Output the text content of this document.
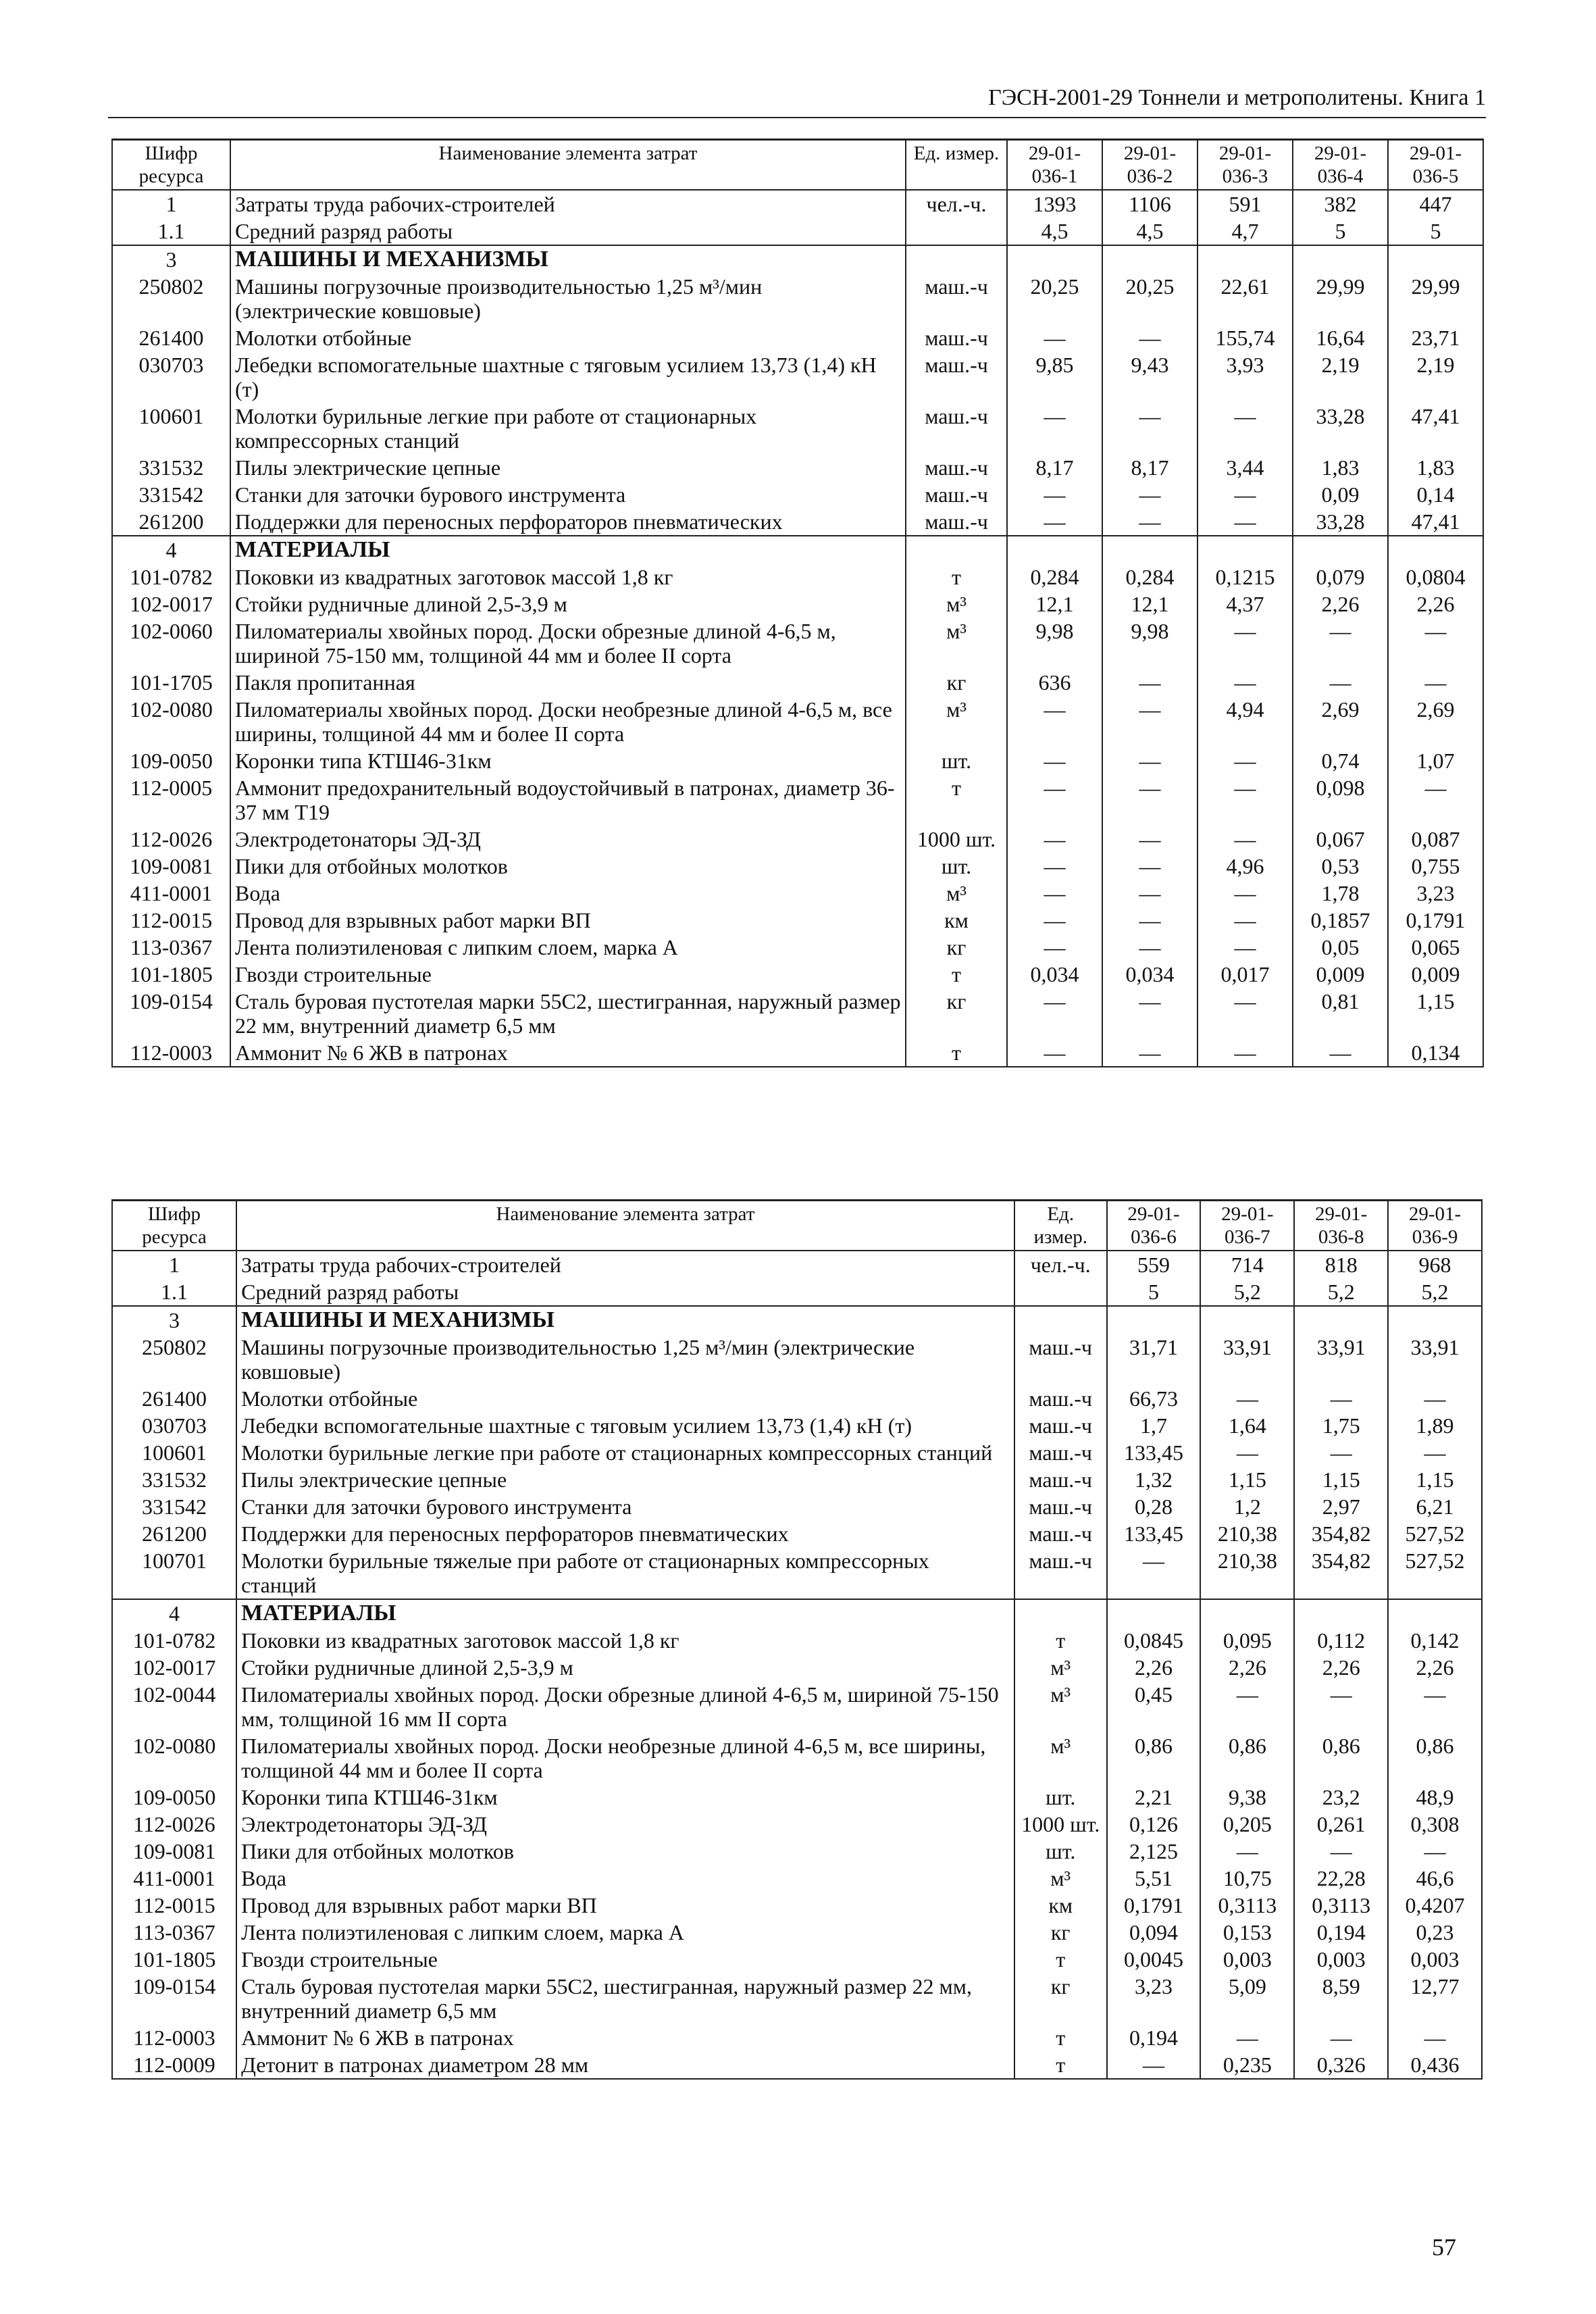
ГЭСН-2001-29 Тоннели и метрополитены. Книга 1
Шифр ресурса	Наименование элемента затрат	Ед. измер.	29-01-036-1	29-01-036-2	29-01-036-3	29-01-036-4	29-01-036-5
1	Затраты труда рабочих-строителей	чел.-ч.	1393	1106	591	382	447
1.1	Средний разряд работы		4,5	4,5	4,7	5	5
3	МАШИНЫ И МЕХАНИЗМЫ						
250802	Машины погрузочные производительностью 1,25 м³/мин (электрические ковшовые)	маш.-ч	20,25	20,25	22,61	29,99	29,99
261400	Молотки отбойные	маш.-ч	—	—	155,74	16,64	23,71
030703	Лебедки вспомогательные шахтные с тяговым усилием 13,73 (1,4) кН (т)	маш.-ч	9,85	9,43	3,93	2,19	2,19
100601	Молотки бурильные легкие при работе от стационарных компрессорных станций	маш.-ч	—	—	—	33,28	47,41
331532	Пилы электрические цепные	маш.-ч	8,17	8,17	3,44	1,83	1,83
331542	Станки для заточки бурового инструмента	маш.-ч	—	—	—	0,09	0,14
261200	Поддержки для переносных перфораторов пневматических	маш.-ч	—	—	—	33,28	47,41
4	МАТЕРИАЛЫ						
101-0782	Поковки из квадратных заготовок массой 1,8 кг	т	0,284	0,284	0,1215	0,079	0,0804
102-0017	Стойки рудничные длиной 2,5-3,9 м	м³	12,1	12,1	4,37	2,26	2,26
102-0060	Пиломатериалы хвойных пород. Доски обрезные длиной 4-6,5 м, шириной 75-150 мм, толщиной 44 мм и более II сорта	м³	9,98	9,98	—	—	—
101-1705	Пакля пропитанная	кг	636	—	—	—	—
102-0080	Пиломатериалы хвойных пород. Доски необрезные длиной 4-6,5 м, все ширины, толщиной 44 мм и более II сорта	м³	—	—	4,94	2,69	2,69
109-0050	Коронки типа КТШ46-31км	шт.	—	—	—	0,74	1,07
112-0005	Аммонит предохранительный водоустойчивый в патронах, диаметр 36-37 мм Т19	т	—	—	—	0,098	—
112-0026	Электродетонаторы ЭД-ЗД	1000 шт.	—	—	—	0,067	0,087
109-0081	Пики для отбойных молотков	шт.	—	—	4,96	0,53	0,755
411-0001	Вода	м³	—	—	—	1,78	3,23
112-0015	Провод для взрывных работ марки ВП	км	—	—	—	0,1857	0,1791
113-0367	Лента полиэтиленовая с липким слоем, марка А	кг	—	—	—	0,05	0,065
101-1805	Гвозди строительные	т	0,034	0,034	0,017	0,009	0,009
109-0154	Сталь буровая пустотелая марки 55С2, шестигранная, наружный размер 22 мм, внутренний диаметр 6,5 мм	кг	—	—	—	0,81	1,15
112-0003	Аммонит № 6 ЖВ в патронах	т	—	—	—	—	0,134
Шифр ресурса	Наименование элемента затрат	Ед. измер.	29-01-036-6	29-01-036-7	29-01-036-8	29-01-036-9
1	Затраты труда рабочих-строителей	чел.-ч.	559	714	818	968
1.1	Средний разряд работы		5	5,2	5,2	5,2
3	МАШИНЫ И МЕХАНИЗМЫ					
250802	Машины погрузочные производительностью 1,25 м³/мин (электрические ковшовые)	маш.-ч	31,71	33,91	33,91	33,91
261400	Молотки отбойные	маш.-ч	66,73	—	—	—
030703	Лебедки вспомогательные шахтные с тяговым усилием 13,73 (1,4) кН (т)	маш.-ч	1,7	1,64	1,75	1,89
100601	Молотки бурильные легкие при работе от стационарных компрессорных станций	маш.-ч	133,45	—	—	—
331532	Пилы электрические цепные	маш.-ч	1,32	1,15	1,15	1,15
331542	Станки для заточки бурового инструмента	маш.-ч	0,28	1,2	2,97	6,21
261200	Поддержки для переносных перфораторов пневматических	маш.-ч	133,45	210,38	354,82	527,52
100701	Молотки бурильные тяжелые при работе от стационарных компрессорных станций	маш.-ч	—	210,38	354,82	527,52
4	МАТЕРИАЛЫ					
101-0782	Поковки из квадратных заготовок массой 1,8 кг	т	0,0845	0,095	0,112	0,142
102-0017	Стойки рудничные длиной 2,5-3,9 м	м³	2,26	2,26	2,26	2,26
102-0044	Пиломатериалы хвойных пород. Доски обрезные длиной 4-6,5 м, шириной 75-150 мм, толщиной 16 мм II сорта	м³	0,45	—	—	—
102-0080	Пиломатериалы хвойных пород. Доски необрезные длиной 4-6,5 м, все ширины, толщиной 44 мм и более II сорта	м³	0,86	0,86	0,86	0,86
109-0050	Коронки типа КТШ46-31км	шт.	2,21	9,38	23,2	48,9
112-0026	Электродетонаторы ЭД-ЗД	1000 шт.	0,126	0,205	0,261	0,308
109-0081	Пики для отбойных молотков	шт.	2,125	—	—	—
411-0001	Вода	м³	5,51	10,75	22,28	46,6
112-0015	Провод для взрывных работ марки ВП	км	0,1791	0,3113	0,3113	0,4207
113-0367	Лента полиэтиленовая с липким слоем, марка А	кг	0,094	0,153	0,194	0,23
101-1805	Гвозди строительные	т	0,0045	0,003	0,003	0,003
109-0154	Сталь буровая пустотелая марки 55С2, шестигранная, наружный размер 22 мм, внутренний диаметр 6,5 мм	кг	3,23	5,09	8,59	12,77
112-0003	Аммонит № 6 ЖВ в патронах	т	0,194	—	—	—
112-0009	Детонит в патронах диаметром 28 мм	т	—	0,235	0,326	0,436
57
